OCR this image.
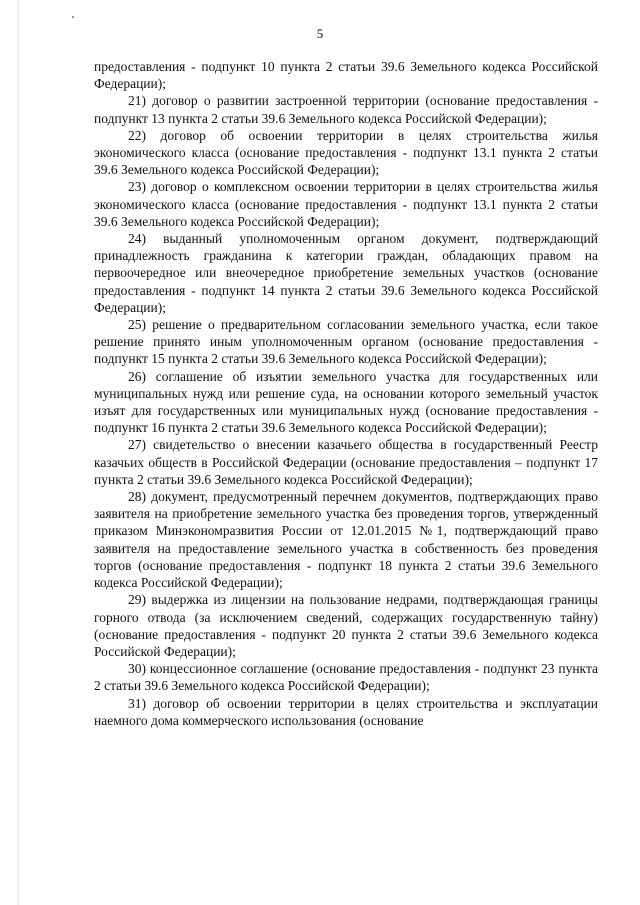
5

предоставления - подпункт 10 пункта 2 статьи 39.6 Земельного кодекса Российской Федерации);

21) договор о развитии застроенной территории (основание предоставления - подпункт 13 пункта 2 статьи 39.6 Земельного кодекса Российской Федерации);

22) договор об освоении территории в целях строительства жилья экономического класса (основание предоставления - подпункт 13.1 пункта 2 статьи 39.6 Земельного кодекса Российской Федерации);

23) договор о комплексном освоении территории в целях строительства жилья экономического класса (основание предоставления - подпункт 13.1 пункта 2 статьи 39.6 Земельного кодекса Российской Федерации);

24) выданный уполномоченным органом документ, подтверждающий принадлежность гражданина к категории граждан, обладающих правом на первоочередное или внеочередное приобретение земельных участков (основание предоставления - подпункт 14 пункта 2 статьи 39.6 Земельного кодекса Российской Федерации);

25) решение о предварительном согласовании земельного участка, если такое решение принято иным уполномоченным органом (основание предоставления - подпункт 15 пункта 2 статьи 39.6 Земельного кодекса Российской Федерации);

26) соглашение об изъятии земельного участка для государственных или муниципальных нужд или решение суда, на основании которого земельный участок изъят для государственных или муниципальных нужд (основание предоставления - подпункт 16 пункта 2 статьи 39.6 Земельного кодекса Российской Федерации);

27) свидетельство о внесении казачьего общества в государственный Реестр казачьих обществ в Российской Федерации (основание предоставления – подпункт 17 пункта 2 статьи 39.6 Земельного кодекса Российской Федерации);

28) документ, предусмотренный перечнем документов, подтверждающих право заявителя на приобретение земельного участка без проведения торгов, утвержденный приказом Минэкономразвития России от 12.01.2015 №1, подтверждающий право заявителя на предоставление земельного участка в собственность без проведения торгов (основание предоставления - подпункт 18 пункта 2 статьи 39.6 Земельного кодекса Российской Федерации);

29) выдержка из лицензии на пользование недрами, подтверждающая границы горного отвода (за исключением сведений, содержащих государственную тайну) (основание предоставления - подпункт 20 пункта 2 статьи 39.6 Земельного кодекса Российской Федерации);

30) концессионное соглашение (основание предоставления - подпункт 23 пункта 2 статьи 39.6 Земельного кодекса Российской Федерации);

31) договор об освоении территории в целях строительства и эксплуатации наемного дома коммерческого использования (основание
